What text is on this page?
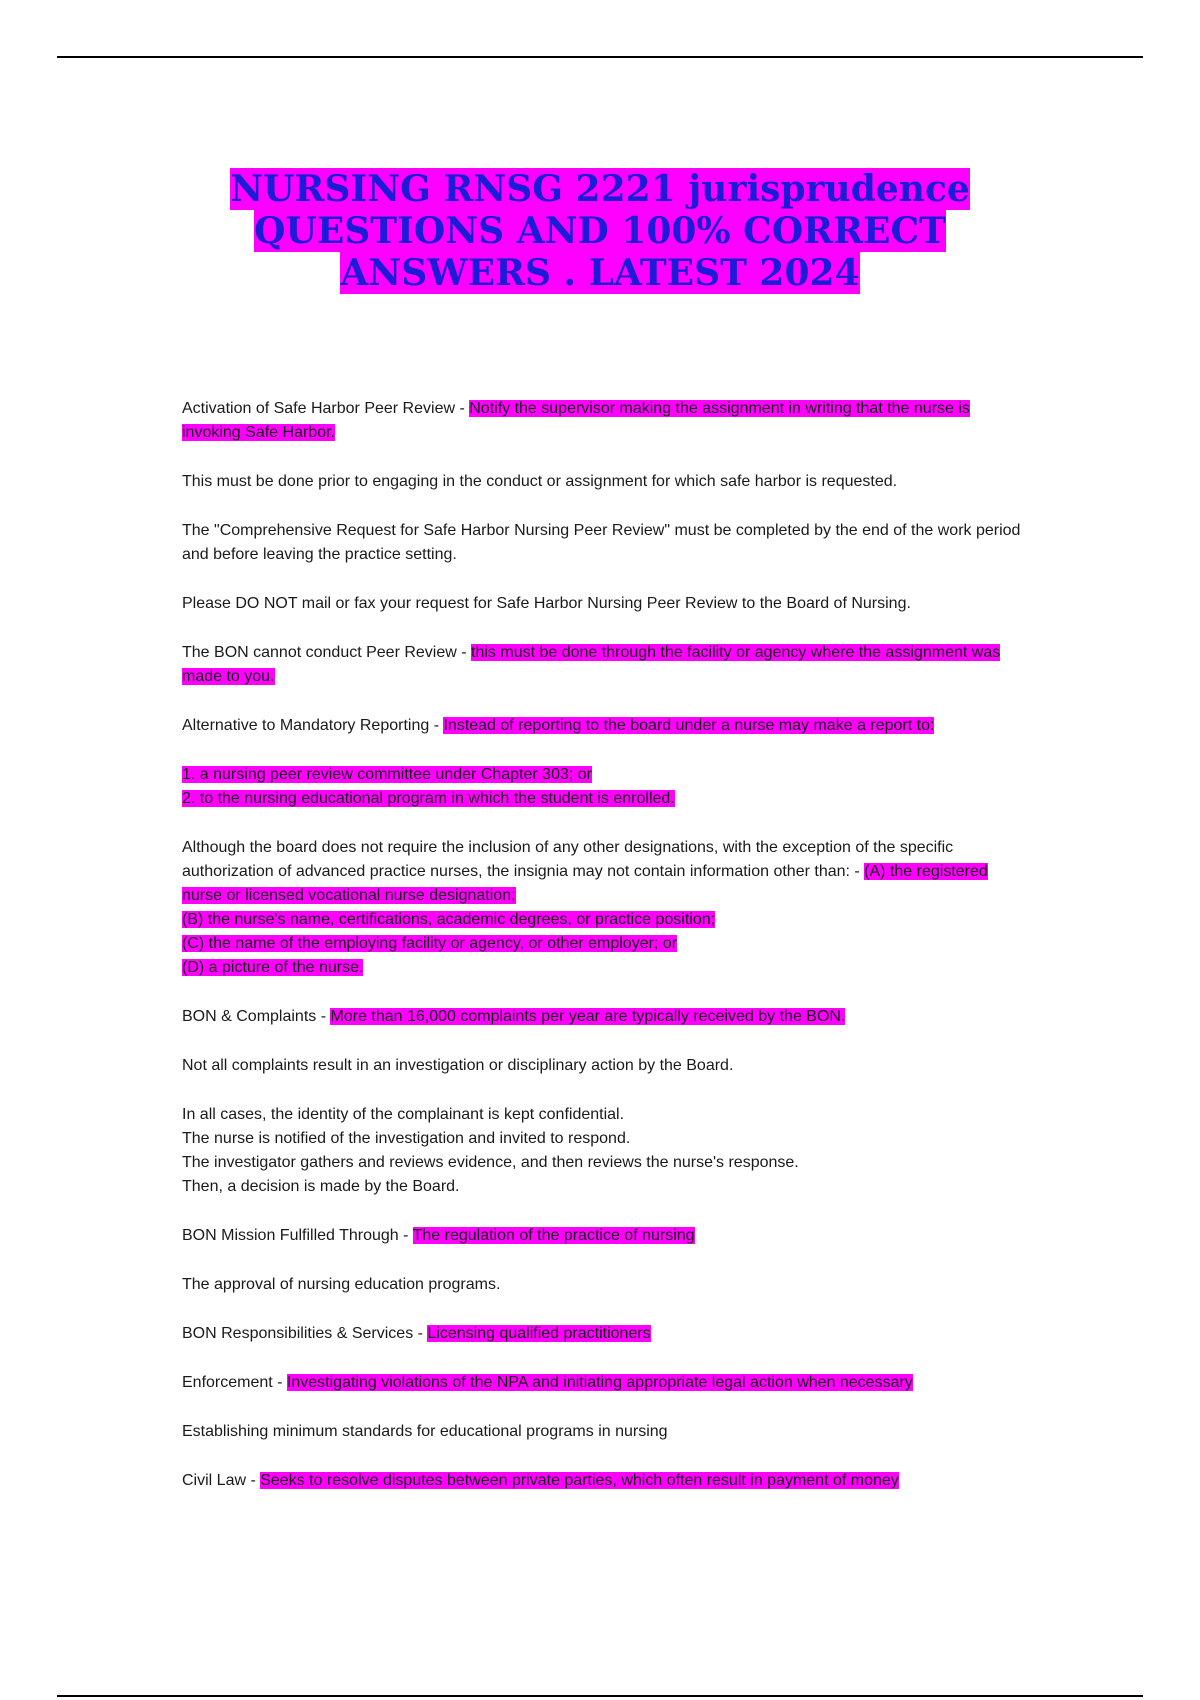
NURSING RNSG 2221 jurisprudence
QUESTIONS AND 100% CORRECT
ANSWERS . LATEST 2024

Activation of Safe Harbor Peer Review - Notify the supervisor making the assignment in writing that the nurse is invoking Safe Harbor.

This must be done prior to engaging in the conduct or assignment for which safe harbor is requested.

The "Comprehensive Request for Safe Harbor Nursing Peer Review" must be completed by the end of the work period and before leaving the practice setting.

Please DO NOT mail or fax your request for Safe Harbor Nursing Peer Review to the Board of Nursing.

The BON cannot conduct Peer Review - this must be done through the facility or agency where the assignment was made to you.

Alternative to Mandatory Reporting - Instead of reporting to the board under a nurse may make a report to:

1. a nursing peer review committee under Chapter 303; or
2. to the nursing educational program in which the student is enrolled.

Although the board does not require the inclusion of any other designations, with the exception of the specific authorization of advanced practice nurses, the insignia may not contain information other than: - (A) the registered nurse or licensed vocational nurse designation;
(B) the nurse's name, certifications, academic degrees, or practice position;
(C) the name of the employing facility or agency, or other employer; or
(D) a picture of the nurse.

BON & Complaints - More than 16,000 complaints per year are typically received by the BON.

Not all complaints result in an investigation or disciplinary action by the Board.

In all cases, the identity of the complainant is kept confidential.
The nurse is notified of the investigation and invited to respond.
The investigator gathers and reviews evidence, and then reviews the nurse's response.
Then, a decision is made by the Board.

BON Mission Fulfilled Through - The regulation of the practice of nursing

The approval of nursing education programs.

BON Responsibilities & Services - Licensing qualified practitioners

Enforcement - Investigating violations of the NPA and initiating appropriate legal action when necessary

Establishing minimum standards for educational programs in nursing

Civil Law - Seeks to resolve disputes between private parties, which often result in payment of money
